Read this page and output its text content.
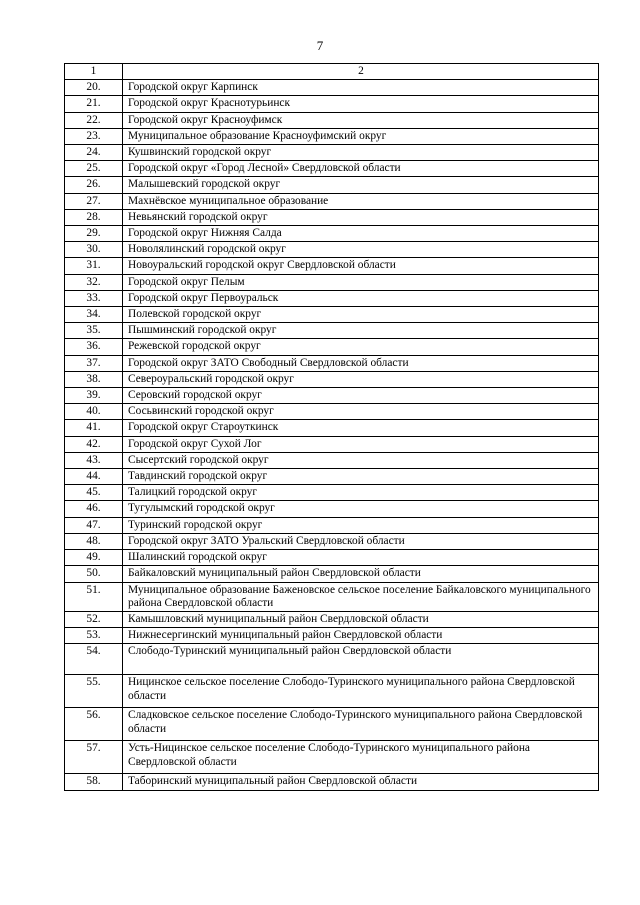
7
1	2
20.	Городской округ Карпинск
21.	Городской округ Краснотурьинск
22.	Городской округ Красноуфимск
23.	Муниципальное образование Красноуфимский округ
24.	Кушвинский городской округ
25.	Городской округ «Город Лесной» Свердловской области
26.	Малышевский городской округ
27.	Махнёвское муниципальное образование
28.	Невьянский городской округ
29.	Городской округ Нижняя Салда
30.	Новолялинский городской округ
31.	Новоуральский городской округ Свердловской области
32.	Городской округ Пелым
33.	Городской округ Первоуральск
34.	Полевской городской округ
35.	Пышминский городской округ
36.	Режевской городской округ
37.	Городской округ ЗАТО Свободный Свердловской области
38.	Североуральский городской округ
39.	Серовский городской округ
40.	Сосьвинский городской округ
41.	Городской округ Староуткинск
42.	Городской округ Сухой Лог
43.	Сысертский городской округ
44.	Тавдинский городской округ
45.	Талицкий городской округ
46.	Тугулымский городской округ
47.	Туринский городской округ
48.	Городской округ ЗАТО Уральский Свердловской области
49.	Шалинский городской округ
50.	Байкаловский муниципальный район Свердловской области
51.	Муниципальное образование Баженовское сельское поселение Байкаловского муниципального района Свердловской области
52.	Камышловский муниципальный район Свердловской области
53.	Нижнесергинский муниципальный район Свердловской области
54.	Слободо-Туринский муниципальный район Свердловской области
55.	Ницинское сельское поселение Слободо-Туринского муниципального района Свердловской области
56.	Сладковское сельское поселение Слободо-Туринского муниципального района Свердловской области
57.	Усть-Ницинское сельское поселение Слободо-Туринского муниципального района Свердловской области
58.	Таборинский муниципальный район Свердловской области
